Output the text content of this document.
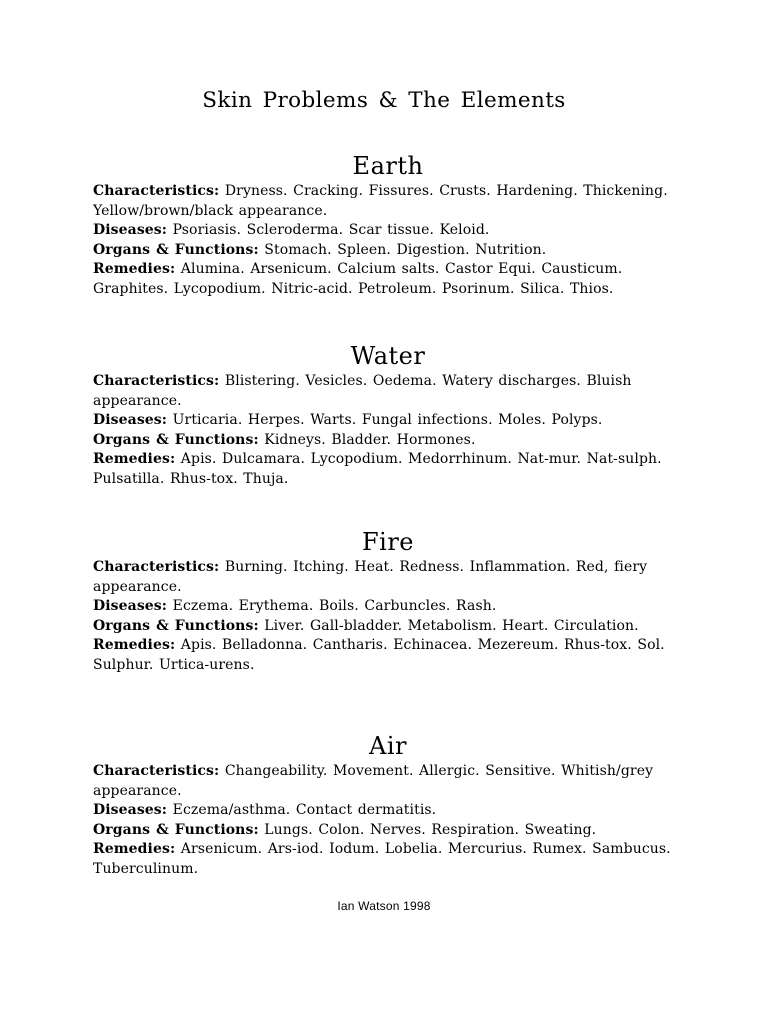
Skin Problems & The Elements
Earth

Characteristics: Dryness. Cracking. Fissures. Crusts. Hardening. Thickening. Yellow/brown/black appearance.

Diseases: Psoriasis. Scleroderma. Scar tissue. Keloid.

Organs & Functions: Stomach. Spleen. Digestion. Nutrition.

Remedies: Alumina. Arsenicum. Calcium salts. Castor Equi. Causticum. Graphites. Lycopodium. Nitric-acid. Petroleum. Psorinum. Silica. Thios.

Water

Characteristics: Blistering. Vesicles. Oedema. Watery discharges. Bluish appearance.

Diseases: Urticaria. Herpes. Warts. Fungal infections. Moles. Polyps.

Organs & Functions: Kidneys. Bladder. Hormones.

Remedies: Apis. Dulcamara. Lycopodium. Medorrhinum. Nat-mur. Nat-sulph. Pulsatilla. Rhus-tox. Thuja.

Fire

Characteristics: Burning. Itching. Heat. Redness. Inflammation. Red, fiery appearance.

Diseases: Eczema. Erythema. Boils. Carbuncles. Rash.

Organs & Functions: Liver. Gall-bladder. Metabolism. Heart. Circulation.

Remedies: Apis. Belladonna. Cantharis. Echinacea. Mezereum. Rhus-tox. Sol. Sulphur. Urtica-urens.

Air

Characteristics: Changeability. Movement. Allergic. Sensitive. Whitish/grey appearance.

Diseases: Eczema/asthma. Contact dermatitis.

Organs & Functions: Lungs. Colon. Nerves. Respiration. Sweating.

Remedies: Arsenicum. Ars-iod. Iodum. Lobelia. Mercurius. Rumex. Sambucus. Tuberculinum.

Ian Watson 1998
